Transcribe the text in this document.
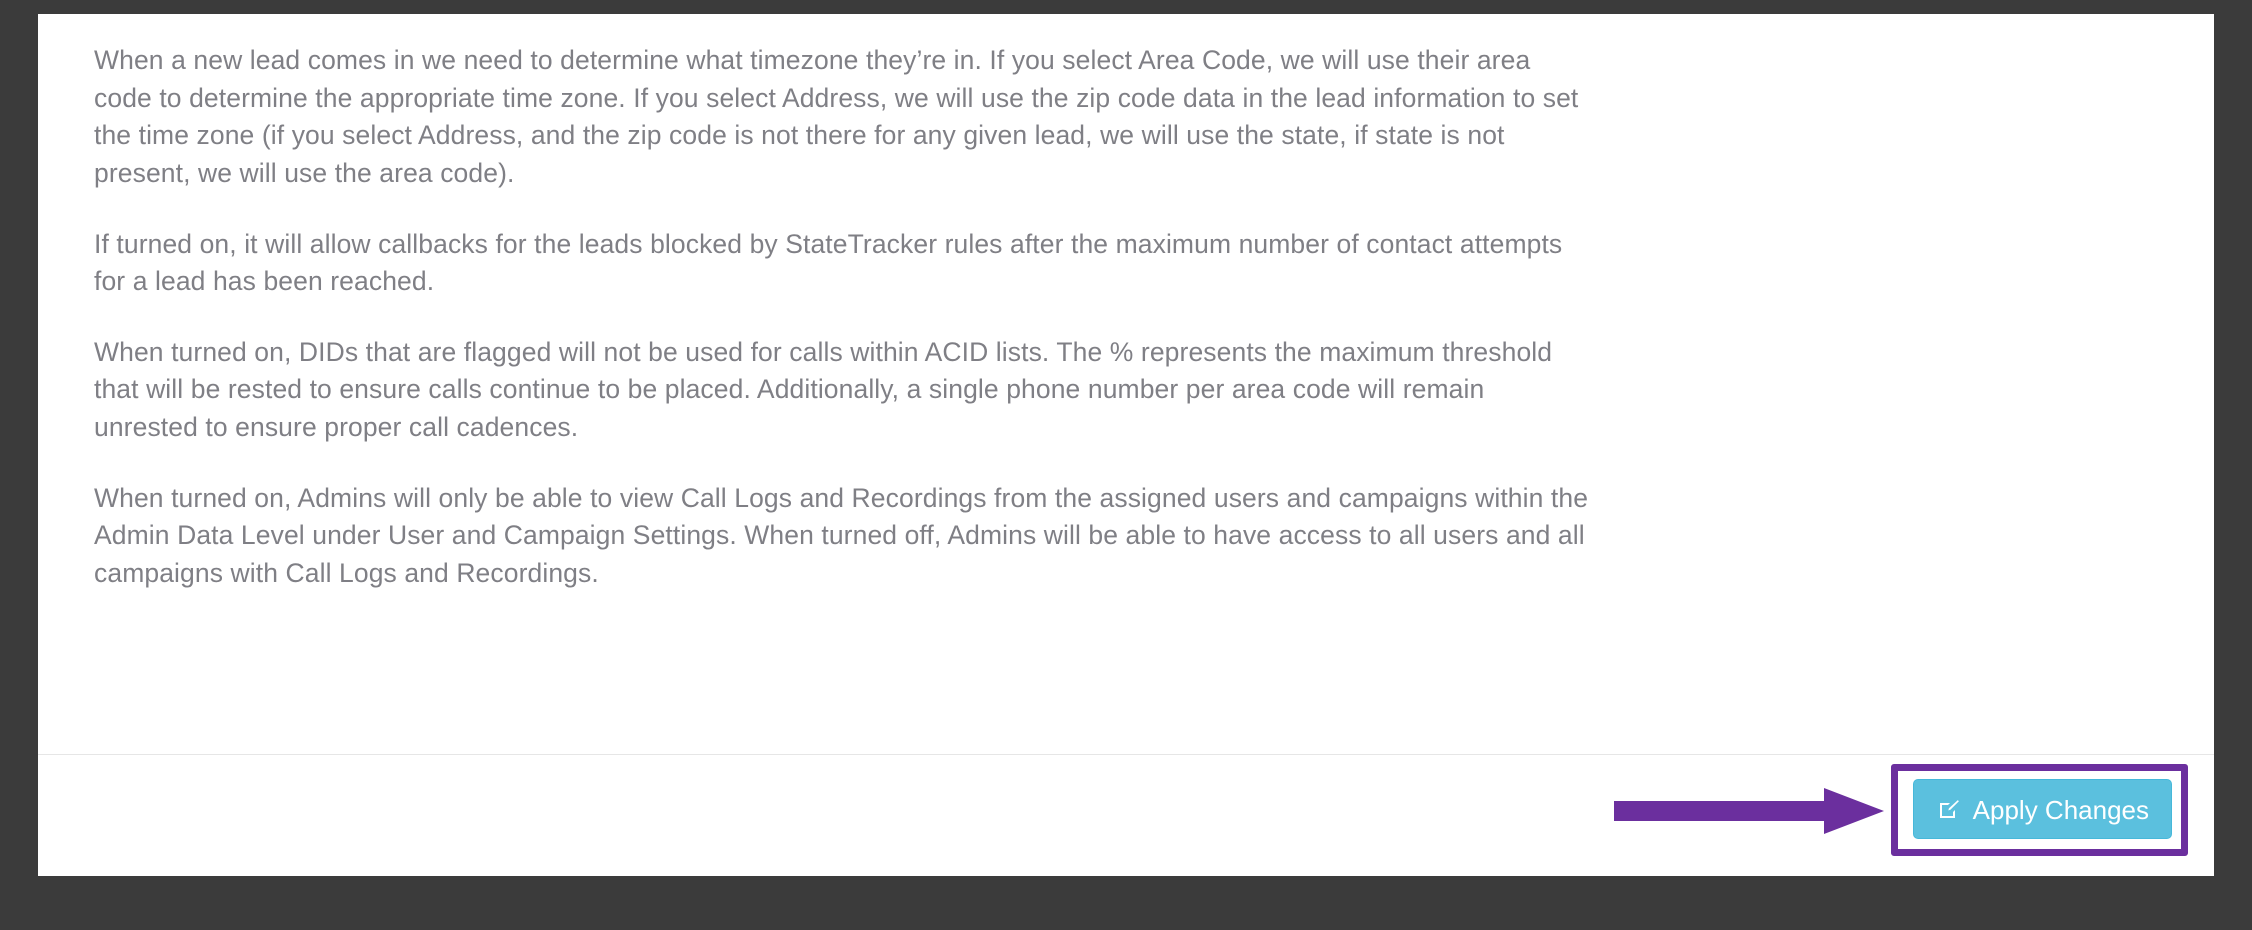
When a new lead comes in we need to determine what timezone they’re in. If you select Area Code, we will use their area code to determine the appropriate time zone. If you select Address, we will use the zip code data in the lead information to set the time zone (if you select Address, and the zip code is not there for any given lead, we will use the state, if state is not present, we will use the area code).

If turned on, it will allow callbacks for the leads blocked by StateTracker rules after the maximum number of contact attempts for a lead has been reached.

When turned on, DIDs that are flagged will not be used for calls within ACID lists. The % represents the maximum threshold that will be rested to ensure calls continue to be placed. Additionally, a single phone number per area code will remain unrested to ensure proper call cadences.

When turned on, Admins will only be able to view Call Logs and Recordings from the assigned users and campaigns within the Admin Data Level under User and Campaign Settings. When turned off, Admins will be able to have access to all users and all campaigns with Call Logs and Recordings.

Apply Changes
